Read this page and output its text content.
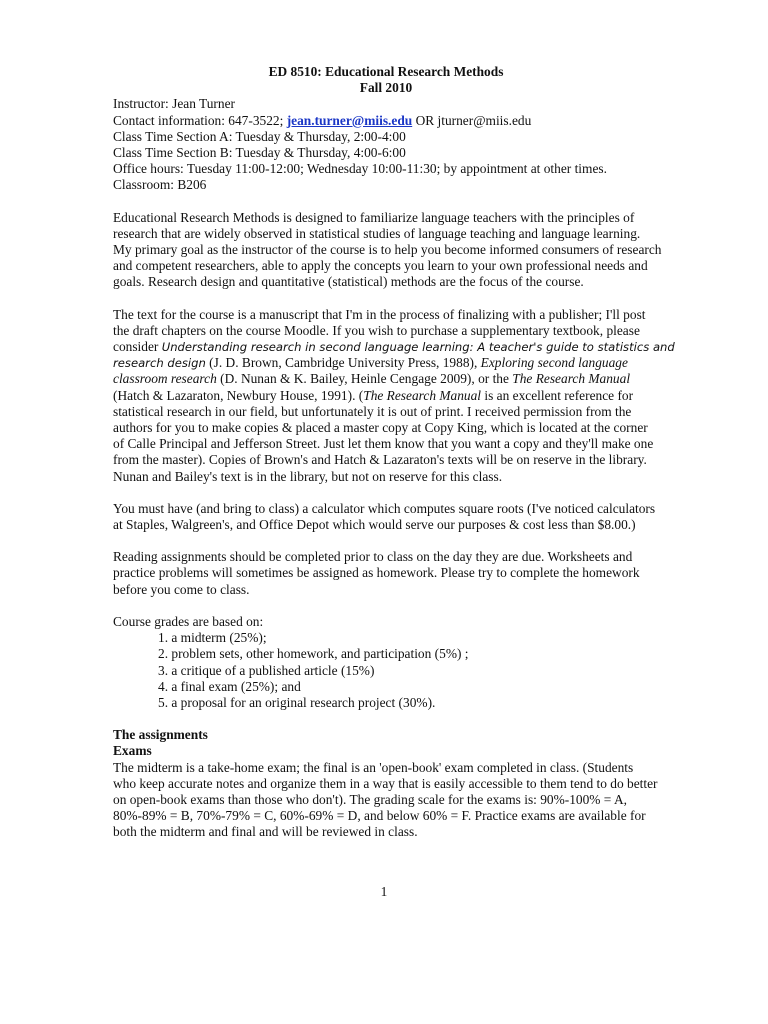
ED 8510: Educational Research Methods

Fall 2010

Instructor: Jean Turner
Contact information: 647-3522; jean.turner@miis.edu OR jturner@miis.edu
Class Time Section A: Tuesday & Thursday, 2:00-4:00
Class Time Section B: Tuesday & Thursday, 4:00-6:00
Office hours: Tuesday 11:00-12:00; Wednesday 10:00-11:30; by appointment at other times.
Classroom: B206
Educational Research Methods is designed to familiarize language teachers with the principles of
research that are widely observed in statistical studies of language teaching and language learning.
My primary goal as the instructor of the course is to help you become informed consumers of research
and competent researchers, able to apply the concepts you learn to your own professional needs and
goals. Research design and quantitative (statistical) methods are the focus of the course.
The text for the course is a manuscript that I'm in the process of finalizing with a publisher; I'll post
the draft chapters on the course Moodle. If you wish to purchase a supplementary textbook, please
consider Understanding research in second language learning: A teacher's guide to statistics and
research design (J. D. Brown, Cambridge University Press, 1988), Exploring second language
classroom research (D. Nunan & K. Bailey, Heinle Cengage 2009), or the The Research Manual
(Hatch & Lazaraton, Newbury House, 1991). (The Research Manual is an excellent reference for
statistical research in our field, but unfortunately it is out of print. I received permission from the
authors for you to make copies & placed a master copy at Copy King, which is located at the corner
of Calle Principal and Jefferson Street. Just let them know that you want a copy and they'll make one
from the master). Copies of Brown's and Hatch & Lazaraton's texts will be on reserve in the library.
Nunan and Bailey's text is in the library, but not on reserve for this class.
You must have (and bring to class) a calculator which computes square roots (I've noticed calculators
at Staples, Walgreen's, and Office Depot which would serve our purposes & cost less than $8.00.)
Reading assignments should be completed prior to class on the day they are due. Worksheets and
practice problems will sometimes be assigned as homework. Please try to complete the homework
before you come to class.
Course grades are based on:
1. a midterm (25%);
2. problem sets, other homework, and participation (5%) ;
3. a critique of a published article (15%)
4. a final exam (25%); and
5. a proposal for an original research project (30%).
The assignments
Exams
The midterm is a take-home exam; the final is an 'open-book' exam completed in class. (Students
who keep accurate notes and organize them in a way that is easily accessible to them tend to do better
on open-book exams than those who don't). The grading scale for the exams is: 90%-100% = A,
80%-89% = B, 70%-79% = C, 60%-69% = D, and below 60% = F. Practice exams are available for
both the midterm and final and will be reviewed in class.
1
